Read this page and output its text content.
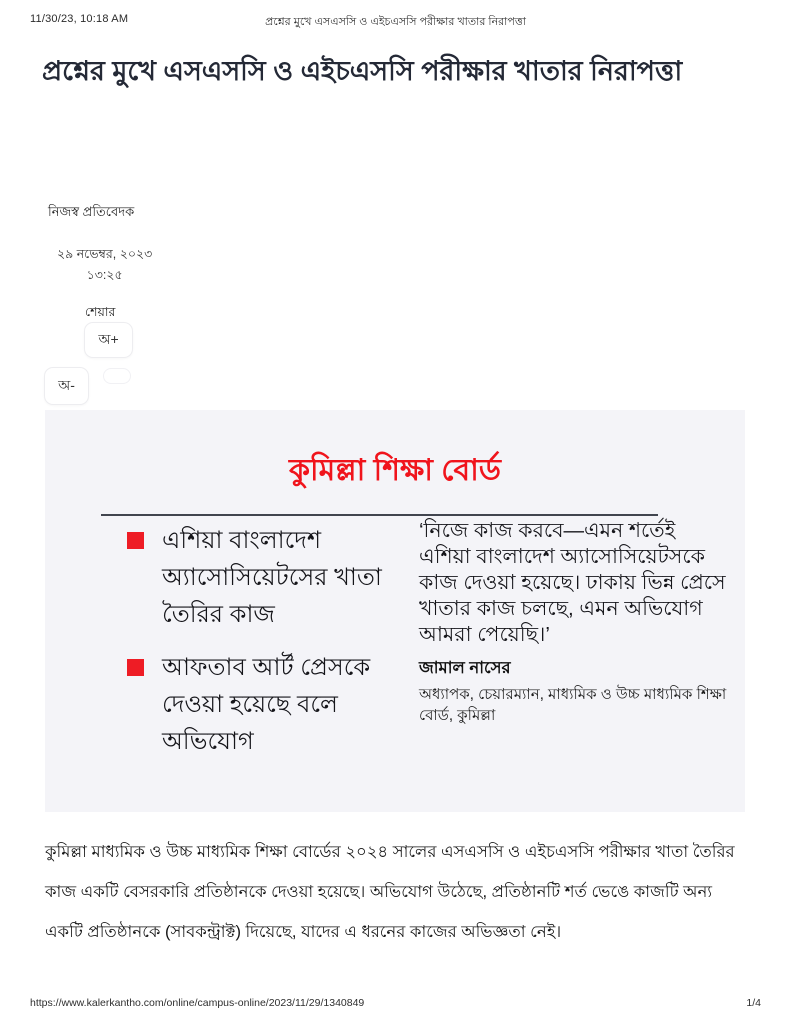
11/30/23, 10:18 AM	প্রশ্নের মুখে এসএসসি ও এইচএসসি পরীক্ষার খাতার নিরাপত্তা
প্রশ্নের মুখে এসএসসি ও এইচএসসি পরীক্ষার খাতার নিরাপত্তা
নিজস্ব প্রতিবেদক
২৯ নভেম্বর, ২০২৩
১৩:২৫
শেয়ার
অ+
অ-
কুমিল্লা শিক্ষা বোর্ড
এশিয়া বাংলাদেশ অ্যাসোসিয়েটসের খাতা তৈরির কাজ
আফতাব আর্ট প্রেসকে দেওয়া হয়েছে বলে অভিযোগ
‘নিজে কাজ করবে—এমন শর্তেই এশিয়া বাংলাদেশ অ্যাসোসিয়েটসকে কাজ দেওয়া হয়েছে। ঢাকায় ভিন্ন প্রেসে খাতার কাজ চলছে, এমন অভিযোগ আমরা পেয়েছি।’
জামাল নাসের
অধ্যাপক, চেয়ারম্যান, মাধ্যমিক ও উচ্চ মাধ্যমিক শিক্ষা বোর্ড, কুমিল্লা

কুমিল্লা মাধ্যমিক ও উচ্চ মাধ্যমিক শিক্ষা বোর্ডের ২০২৪ সালের এসএসসি ও এইচএসসি পরীক্ষার খাতা তৈরির কাজ একটি বেসরকারি প্রতিষ্ঠানকে দেওয়া হয়েছে। অভিযোগ উঠেছে, প্রতিষ্ঠানটি শর্ত ভেঙে কাজটি অন্য একটি প্রতিষ্ঠানকে (সাবকন্ট্রাক্ট) দিয়েছে, যাদের এ ধরনের কাজের অভিজ্ঞতা নেই।

https://www.kalerkantho.com/online/campus-online/2023/11/29/1340849	1/4
